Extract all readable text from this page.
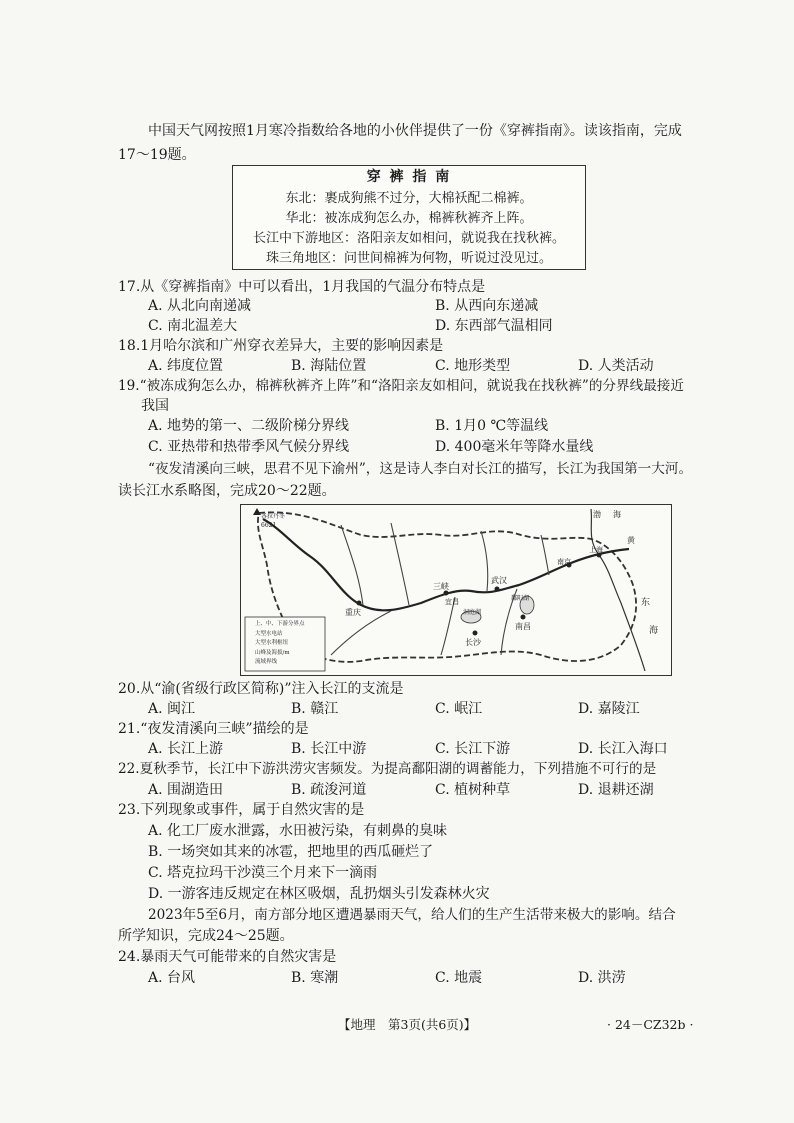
中国天气网按照1月寒冷指数给各地的小伙伴提供了一份《穿裤指南》。读该指南，完成
17～19题。
穿 裤 指 南
东北：裹成狗熊不过分，大棉袄配二棉裤。
华北：被冻成狗怎么办，棉裤秋裤齐上阵。
长江中下游地区：洛阳亲友如相问，就说我在找秋裤。
珠三角地区：问世间棉裤为何物，听说过没见过。
17.从《穿裤指南》中可以看出，1月我国的气温分布特点是
A. 从北向南递减	B. 从西向东递减
C. 南北温差大	D. 东西部气温相同
18.1月哈尔滨和广州穿衣差异大，主要的影响因素是
A. 纬度位置	B. 海陆位置	C. 地形类型	D. 人类活动
19.“被冻成狗怎么办，棉裤秋裤齐上阵”和“洛阳亲友如相问，就说我在找秋裤”的分界线最接近
我国
A. 地势的第一、二级阶梯分界线	B. 1月0 ℃等温线
C. 亚热带和热带季风气候分界线	D. 400毫米年等降水量线
“夜发清溪向三峡，思君不见下渝州”，这是诗人李白对长江的描写，长江为我国第一大河。
读长江水系略图，完成20～22题。
各拉丹冬
6621
重庆
三峡
宜昌
武汉
洞庭湖
长沙
鄱阳湖
南昌
南京
上海
渤 海
黄
东
海
上、中、下游分界点
大型水电站
大型水利枢纽
山峰及海拔/m
流域界线
20.从“渝(省级行政区简称)”注入长江的支流是
A. 闽江	B. 赣江	C. 岷江	D. 嘉陵江
21.“夜发清溪向三峡”描绘的是
A. 长江上游	B. 长江中游	C. 长江下游	D. 长江入海口
22.夏秋季节，长江中下游洪涝灾害频发。为提高鄱阳湖的调蓄能力，下列措施不可行的是
A. 围湖造田	B. 疏浚河道	C. 植树种草	D. 退耕还湖
23.下列现象或事件，属于自然灾害的是
A. 化工厂废水泄露，水田被污染，有刺鼻的臭味
B. 一场突如其来的冰雹，把地里的西瓜砸烂了
C. 塔克拉玛干沙漠三个月来下一滴雨
D. 一游客违反规定在林区吸烟，乱扔烟头引发森林火灾
2023年5至6月，南方部分地区遭遇暴雨天气，给人们的生产生活带来极大的影响。结合
所学知识，完成24～25题。
24.暴雨天气可能带来的自然灾害是
A. 台风	B. 寒潮	C. 地震	D. 洪涝
【地理　第3页(共6页)】	· 24－CZ32b ·
